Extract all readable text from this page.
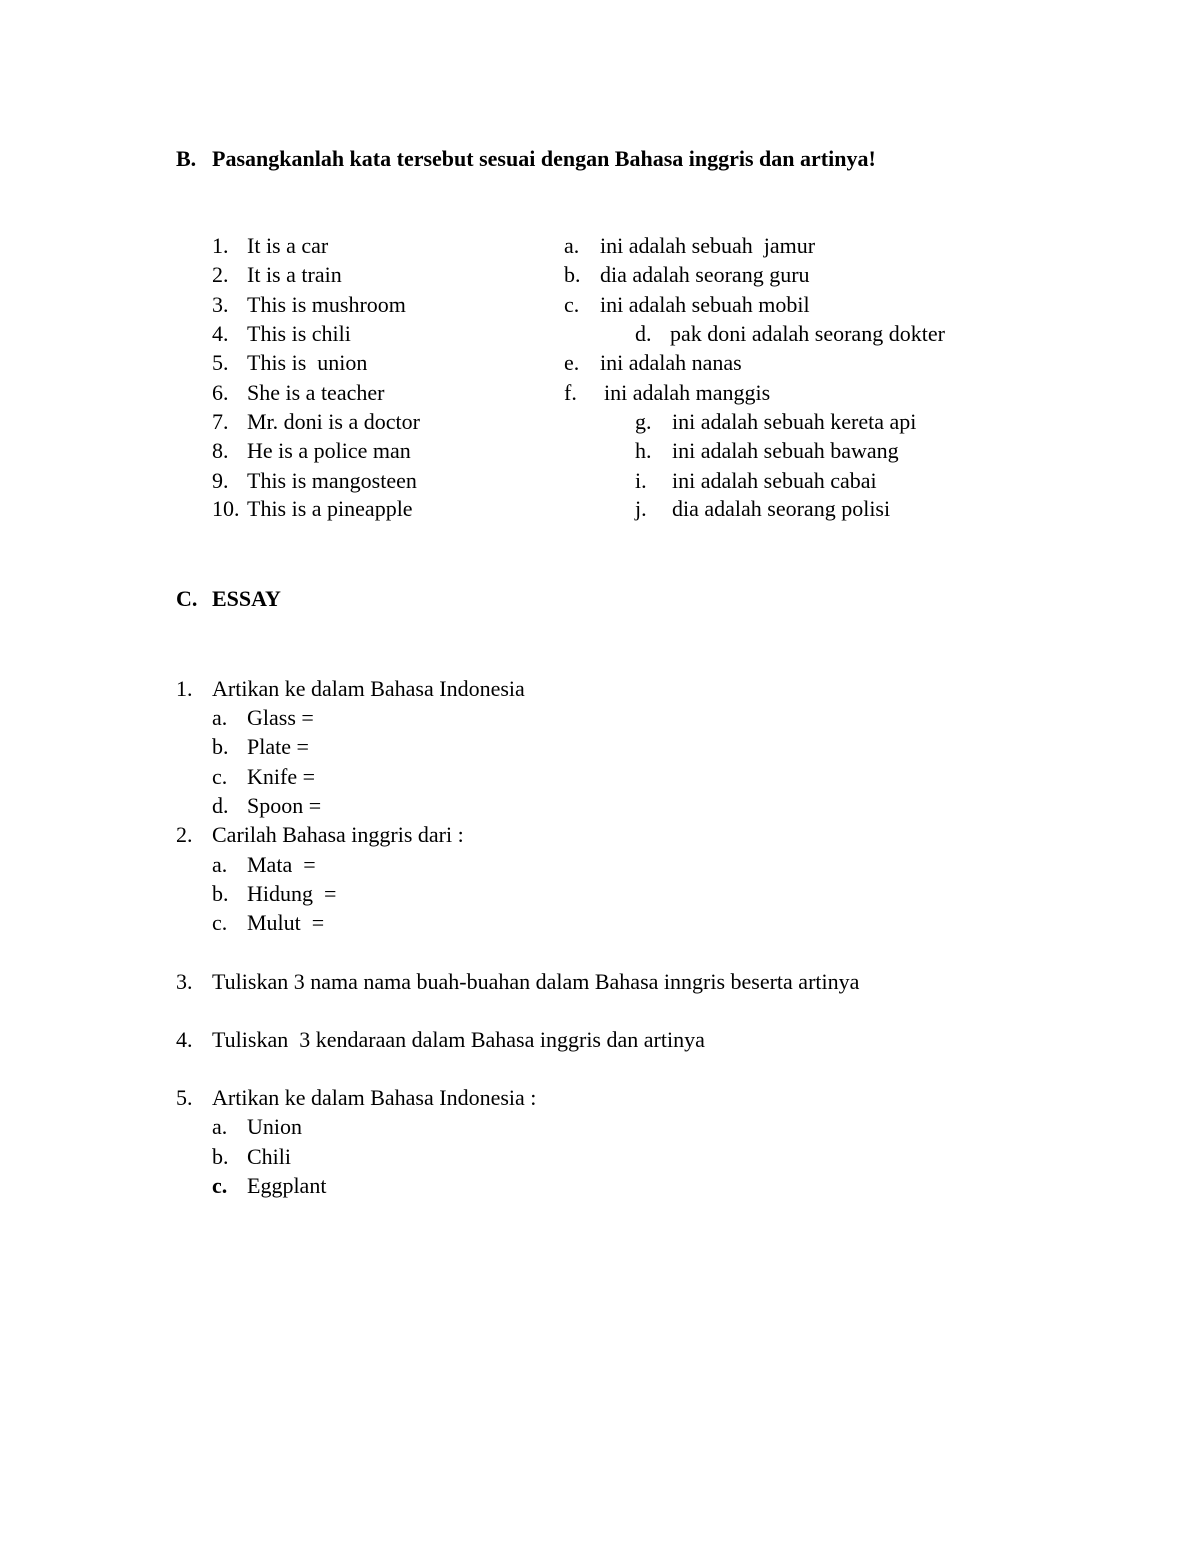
B. Pasangkanlah kata tersebut sesuai dengan Bahasa inggris dan artinya!
1. It is a car
2. It is a train
3. This is mushroom
4. This is chili
5. This is  union
6. She is a teacher
7. Mr. doni is a doctor
8. He is a police man
9. This is mangosteen
10. This is a pineapple
a. ini adalah sebuah  jamur
b. dia adalah seorang guru
c. ini adalah sebuah mobil
d. pak doni adalah seorang dokter
e. ini adalah nanas
f. ini adalah manggis
g. ini adalah sebuah kereta api
h. ini adalah sebuah bawang
i. ini adalah sebuah cabai
j. dia adalah seorang polisi
C. ESSAY
1. Artikan ke dalam Bahasa Indonesia
a. Glass =
b. Plate =
c. Knife =
d. Spoon =
2. Carilah Bahasa inggris dari :
a. Mata  =
b. Hidung  =
c. Mulut  =
3. Tuliskan 3 nama nama buah-buahan dalam Bahasa inngris beserta artinya
4. Tuliskan  3 kendaraan dalam Bahasa inggris dan artinya
5. Artikan ke dalam Bahasa Indonesia :
a. Union
b. Chili
c. Eggplant
